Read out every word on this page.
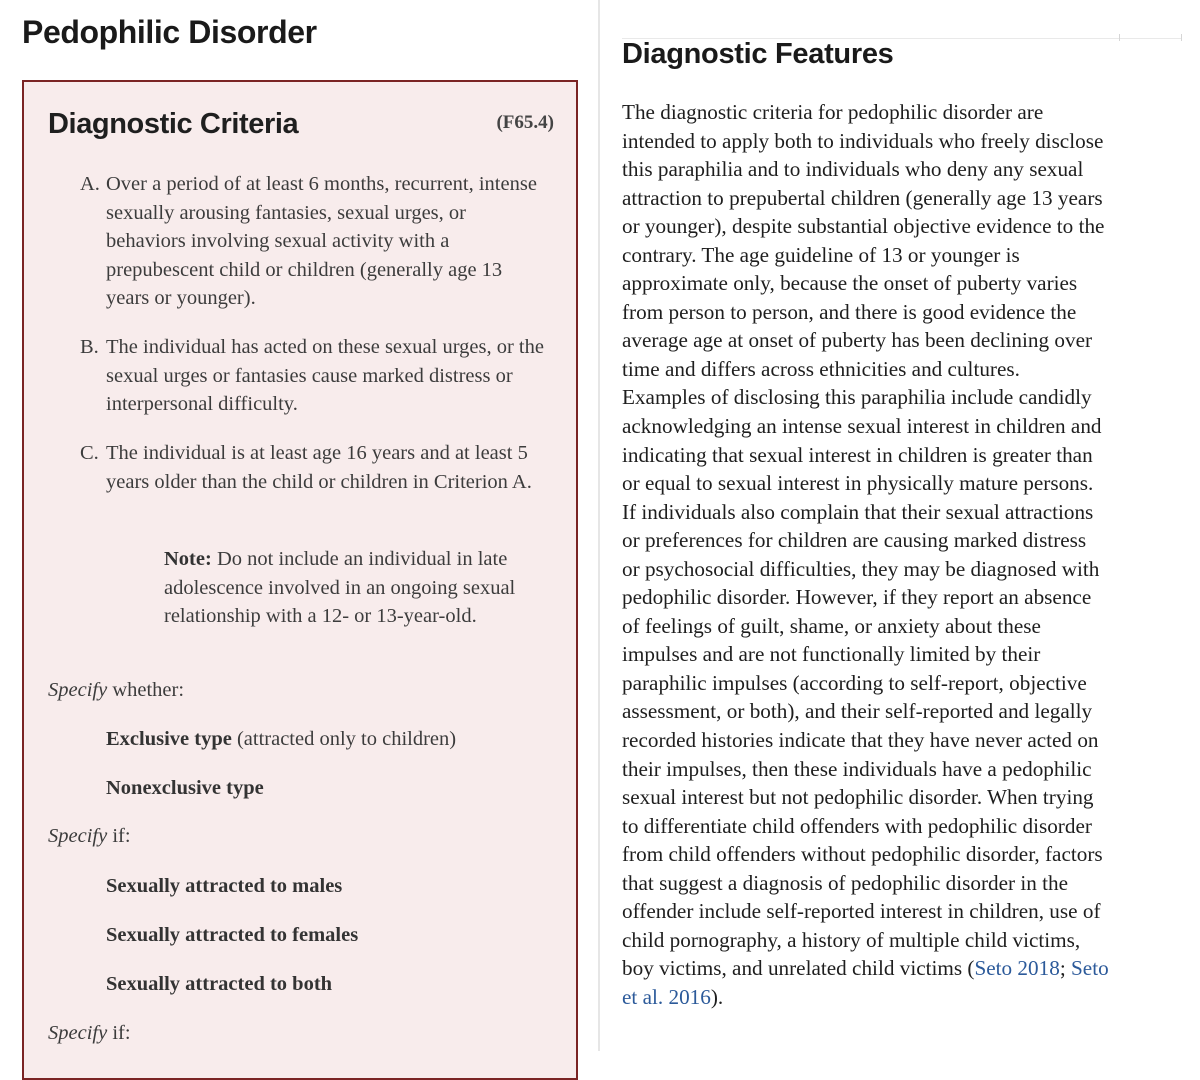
Pedophilic Disorder
Diagnostic Criteria	(F65.4)
A. Over a period of at least 6 months, recurrent, intense sexually arousing fantasies, sexual urges, or behaviors involving sexual activity with a prepubescent child or children (generally age 13 years or younger).
B. The individual has acted on these sexual urges, or the sexual urges or fantasies cause marked distress or interpersonal difficulty.
C. The individual is at least age 16 years and at least 5 years older than the child or children in Criterion A.
Note: Do not include an individual in late adolescence involved in an ongoing sexual relationship with a 12- or 13-year-old.
Specify whether:
Exclusive type (attracted only to children)
Nonexclusive type
Specify if:
Sexually attracted to males
Sexually attracted to females
Sexually attracted to both
Specify if:
Diagnostic Features
The diagnostic criteria for pedophilic disorder are
intended to apply both to individuals who freely disclose
this paraphilia and to individuals who deny any sexual
attraction to prepubertal children (generally age 13 years
or younger), despite substantial objective evidence to the
contrary. The age guideline of 13 or younger is
approximate only, because the onset of puberty varies
from person to person, and there is good evidence the
average age at onset of puberty has been declining over
time and differs across ethnicities and cultures.
Examples of disclosing this paraphilia include candidly
acknowledging an intense sexual interest in children and
indicating that sexual interest in children is greater than
or equal to sexual interest in physically mature persons.
If individuals also complain that their sexual attractions
or preferences for children are causing marked distress
or psychosocial difficulties, they may be diagnosed with
pedophilic disorder. However, if they report an absence
of feelings of guilt, shame, or anxiety about these
impulses and are not functionally limited by their
paraphilic impulses (according to self-report, objective
assessment, or both), and their self-reported and legally
recorded histories indicate that they have never acted on
their impulses, then these individuals have a pedophilic
sexual interest but not pedophilic disorder. When trying
to differentiate child offenders with pedophilic disorder
from child offenders without pedophilic disorder, factors
that suggest a diagnosis of pedophilic disorder in the
offender include self-reported interest in children, use of
child pornography, a history of multiple child victims,
boy victims, and unrelated child victims (Seto 2018; Seto
et al. 2016).
